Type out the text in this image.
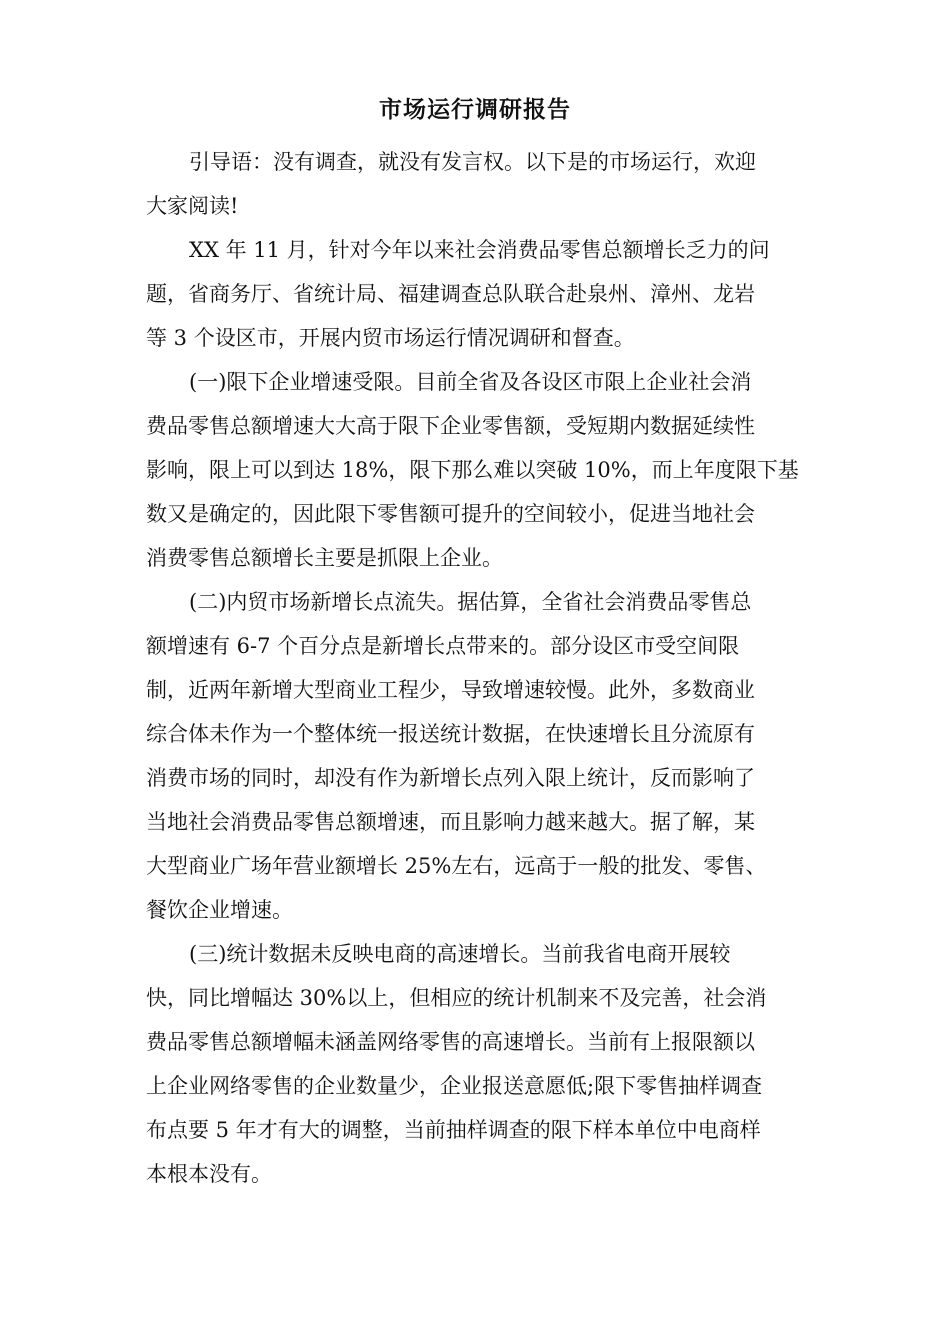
市场运行调研报告
引导语：没有调查，就没有发言权。以下是的市场运行，欢迎
大家阅读!
XX 年 11 月，针对今年以来社会消费品零售总额增长乏力的问
题，省商务厅、省统计局、福建调查总队联合赴泉州、漳州、龙岩
等 3 个设区市，开展内贸市场运行情况调研和督查。
(一)限下企业增速受限。目前全省及各设区市限上企业社会消
费品零售总额增速大大高于限下企业零售额，受短期内数据延续性
影响，限上可以到达 18%，限下那么难以突破 10%，而上年度限下基
数又是确定的，因此限下零售额可提升的空间较小，促进当地社会
消费零售总额增长主要是抓限上企业。
(二)内贸市场新增长点流失。据估算，全省社会消费品零售总
额增速有 6-7 个百分点是新增长点带来的。部分设区市受空间限
制，近两年新增大型商业工程少，导致增速较慢。此外，多数商业
综合体未作为一个整体统一报送统计数据，在快速增长且分流原有
消费市场的同时，却没有作为新增长点列入限上统计，反而影响了
当地社会消费品零售总额增速，而且影响力越来越大。据了解，某
大型商业广场年营业额增长 25%左右，远高于一般的批发、零售、
餐饮企业增速。
(三)统计数据未反映电商的高速增长。当前我省电商开展较
快，同比增幅达 30%以上，但相应的统计机制来不及完善，社会消
费品零售总额增幅未涵盖网络零售的高速增长。当前有上报限额以
上企业网络零售的企业数量少，企业报送意愿低;限下零售抽样调查
布点要 5 年才有大的调整，当前抽样调查的限下样本单位中电商样
本根本没有。
